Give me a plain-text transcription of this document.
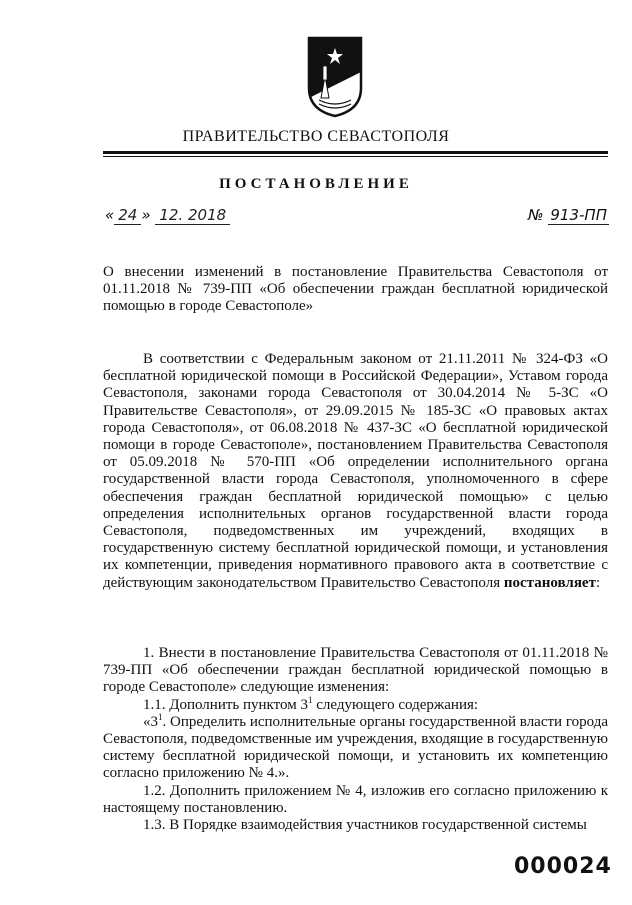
ПРАВИТЕЛЬСТВО СЕВАСТОПОЛЯ
ПОСТАНОВЛЕНИЕ
« 24 » 12. 2018	№ 913-ПП
О внесении изменений в постановление Правительства Севастополя от 01.11.2018 № 739-ПП «Об обеспечении граждан бесплатной юридической помощью в городе Севастополе»

В соответствии с Федеральным законом от 21.11.2011 № 324-ФЗ «О бесплатной юридической помощи в Российской Федерации», Уставом города Севастополя, законами города Севастополя от 30.04.2014 № 5-ЗС «О Правительстве Севастополя», от 29.09.2015 № 185-ЗС «О правовых актах города Севастополя», от 06.08.2018 № 437-ЗС «О бесплатной юридической помощи в городе Севастополе», постановлением Правительства Севастополя от 05.09.2018 № 570-ПП «Об определении исполнительного органа государственной власти города Севастополя, уполномоченного в сфере обеспечения граждан бесплатной юридической помощью» с целью определения исполнительных органов государственной власти города Севастополя, подведомственных им учреждений, входящих в государственную систему бесплатной юридической помощи, и установления их компетенции, приведения нормативного правового акта в соответствие с действующим законодательством Правительство Севастополя постановляет:

1. Внести в постановление Правительства Севастополя от 01.11.2018 № 739-ПП «Об обеспечении граждан бесплатной юридической помощью в городе Севастополе» следующие изменения:

1.1. Дополнить пунктом $3^1$ следующего содержания:

«$3^1$. Определить исполнительные органы государственной власти города Севастополя, подведомственные им учреждения, входящие в государственную систему бесплатной юридической помощи, и установить их компетенцию согласно приложению № 4.».

1.2. Дополнить приложением № 4, изложив его согласно приложению к настоящему постановлению.

1.3. В Порядке взаимодействия участников государственной системы

000024
